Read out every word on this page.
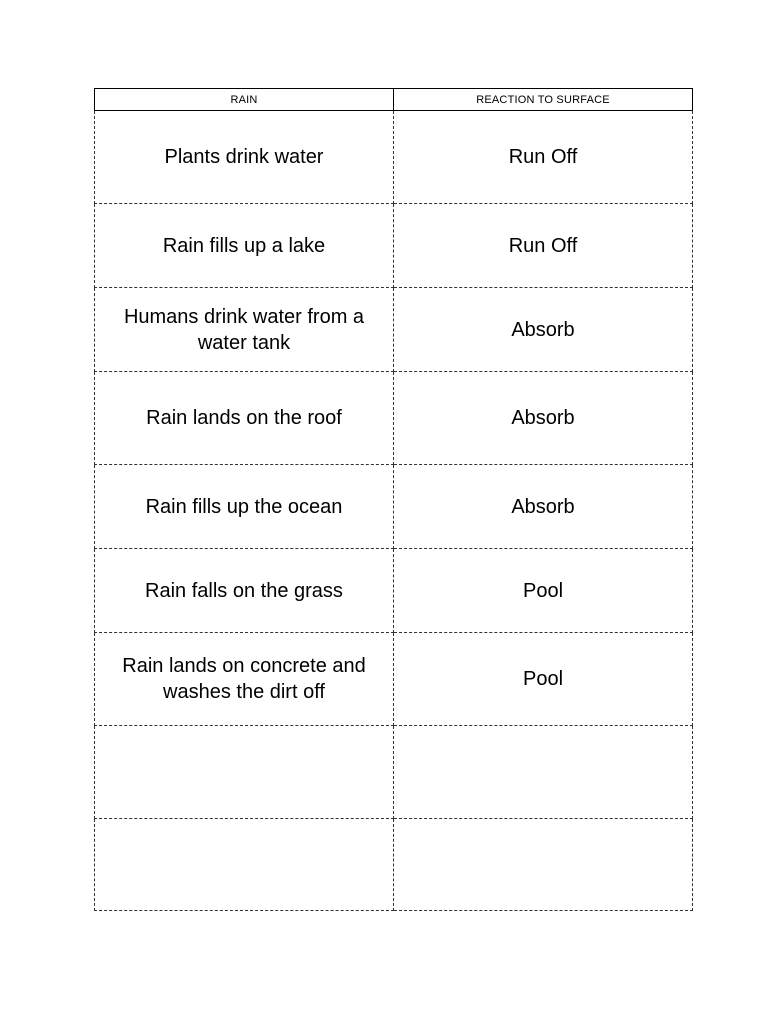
RAIN	REACTION TO SURFACE
Plants drink water	Run Off
Rain fills up a lake	Run Off
Humans drink water from a water tank	Absorb
Rain lands on the roof	Absorb
Rain fills up the ocean	Absorb
Rain falls on the grass	Pool
Rain lands on concrete and washes the dirt off	Pool
